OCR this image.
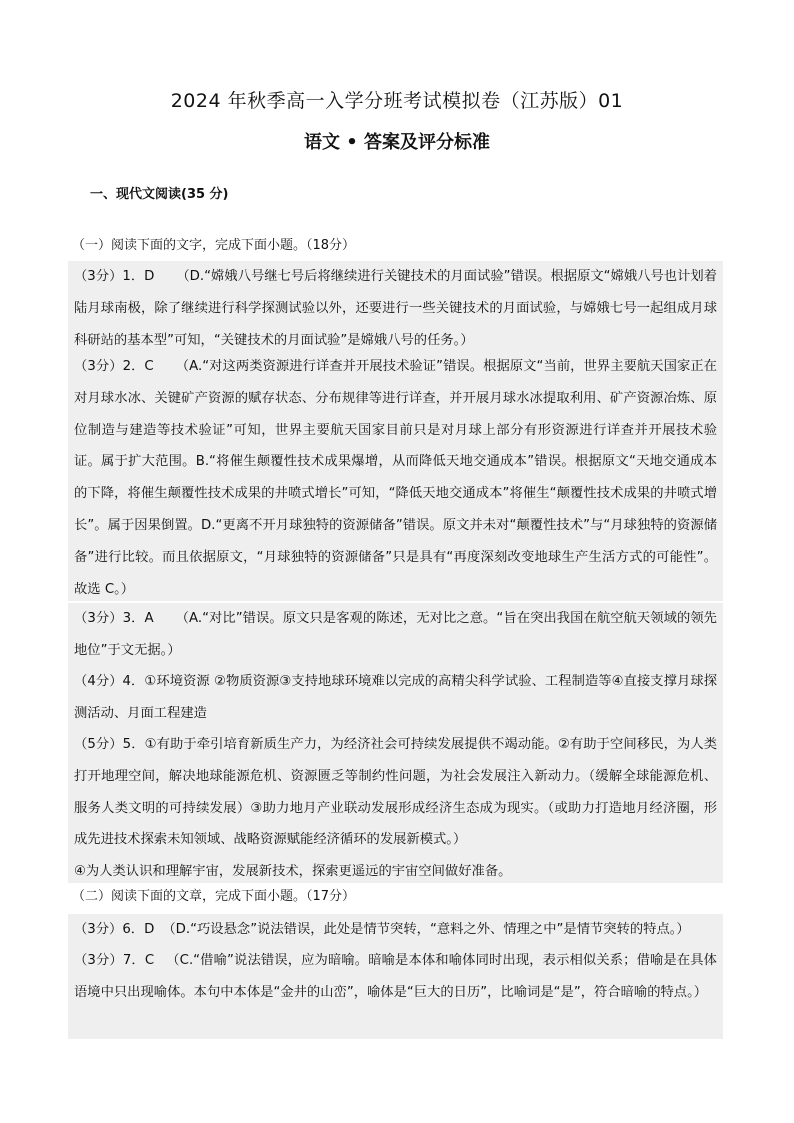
2024 年秋季高一入学分班考试模拟卷（江苏版）01
语文 • 答案及评分标准
一、现代文阅读(35 分)
（一）阅读下面的文字，完成下面小题。（18分）
（3分）1．D （D.“嫦娥八号继七号后将继续进行关键技术的月面试验”错误。根据原文“嫦娥八号也计划着陆月球南极，除了继续进行科学探测试验以外，还要进行一些关键技术的月面试验，与嫦娥七号一起组成月球科研站的基本型”可知，“关键技术的月面试验”是嫦娥八号的任务。）
（3分）2．C （A.“对这两类资源进行详查并开展技术验证”错误。根据原文“当前，世界主要航天国家正在对月球水冰、关键矿产资源的赋存状态、分布规律等进行详查，并开展月球水冰提取利用、矿产资源冶炼、原位制造与建造等技术验证”可知，世界主要航天国家目前只是对月球上部分有形资源进行详查并开展技术验证。属于扩大范围。B.“将催生颠覆性技术成果爆增，从而降低天地交通成本”错误。根据原文“天地交通成本的下降，将催生颠覆性技术成果的井喷式增长”可知，“降低天地交通成本”将催生“颠覆性技术成果的井喷式增长”。属于因果倒置。D.“更离不开月球独特的资源储备”错误。原文并未对“颠覆性技术”与“月球独特的资源储备”进行比较。而且依据原文，“月球独特的资源储备”只是具有“再度深刻改变地球生产生活方式的可能性”。故选 C。）
（3分）3．A （A.“对比”错误。原文只是客观的陈述，无对比之意。“旨在突出我国在航空航天领域的领先地位”于文无据。）
（4分）4．①环境资源 ②物质资源③支持地球环境难以完成的高精尖科学试验、工程制造等④直接支撑月球探测活动、月面工程建造
（5分）5．①有助于牵引培育新质生产力，为经济社会可持续发展提供不竭动能。②有助于空间移民，为人类打开地理空间，解决地球能源危机、资源匮乏等制约性问题，为社会发展注入新动力。（缓解全球能源危机、服务人类文明的可持续发展）③助力地月产业联动发展形成经济生态成为现实。（或助力打造地月经济圈，形成先进技术探索未知领域、战略资源赋能经济循环的发展新模式。）
④为人类认识和理解宇宙，发展新技术，探索更遥远的宇宙空间做好准备。
（二）阅读下面的文章，完成下面小题。（17分）
（3分）6．D （D.“巧设悬念”说法错误，此处是情节突转，“意料之外、情理之中”是情节突转的特点。）
（3分）7．C （C.“借喻”说法错误，应为暗喻。暗喻是本体和喻体同时出现，表示相似关系；借喻是在具体语境中只出现喻体。本句中本体是“金井的山峦”，喻体是“巨大的日历”，比喻词是“是”，符合暗喻的特点。）
